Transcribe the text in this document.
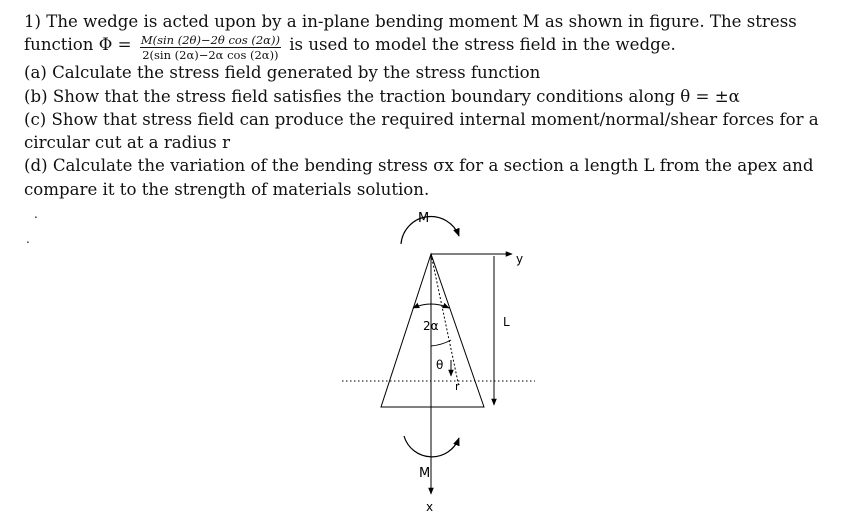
1) The wedge is acted upon by a in-plane bending moment M as shown in figure. The stress
function $\Phi = \frac{\text{M(sin (2θ)−2θ cos (2α))}}{\text{2(sin (2α)−2α cos (2α))}}$ is used to model the stress field in the wedge.
(a) Calculate the stress field generated by the stress function
(b) Show that the stress field satisfies the traction boundary conditions along θ = ±α
(c) Show that stress field can produce the required internal moment/normal/shear forces for a
circular cut at a radius r
(d) Calculate the variation of the bending stress σx for a section a length L from the apex and
compare it to the strength of materials solution.
.
.
M
y
L
2α
θ
r
M
x
